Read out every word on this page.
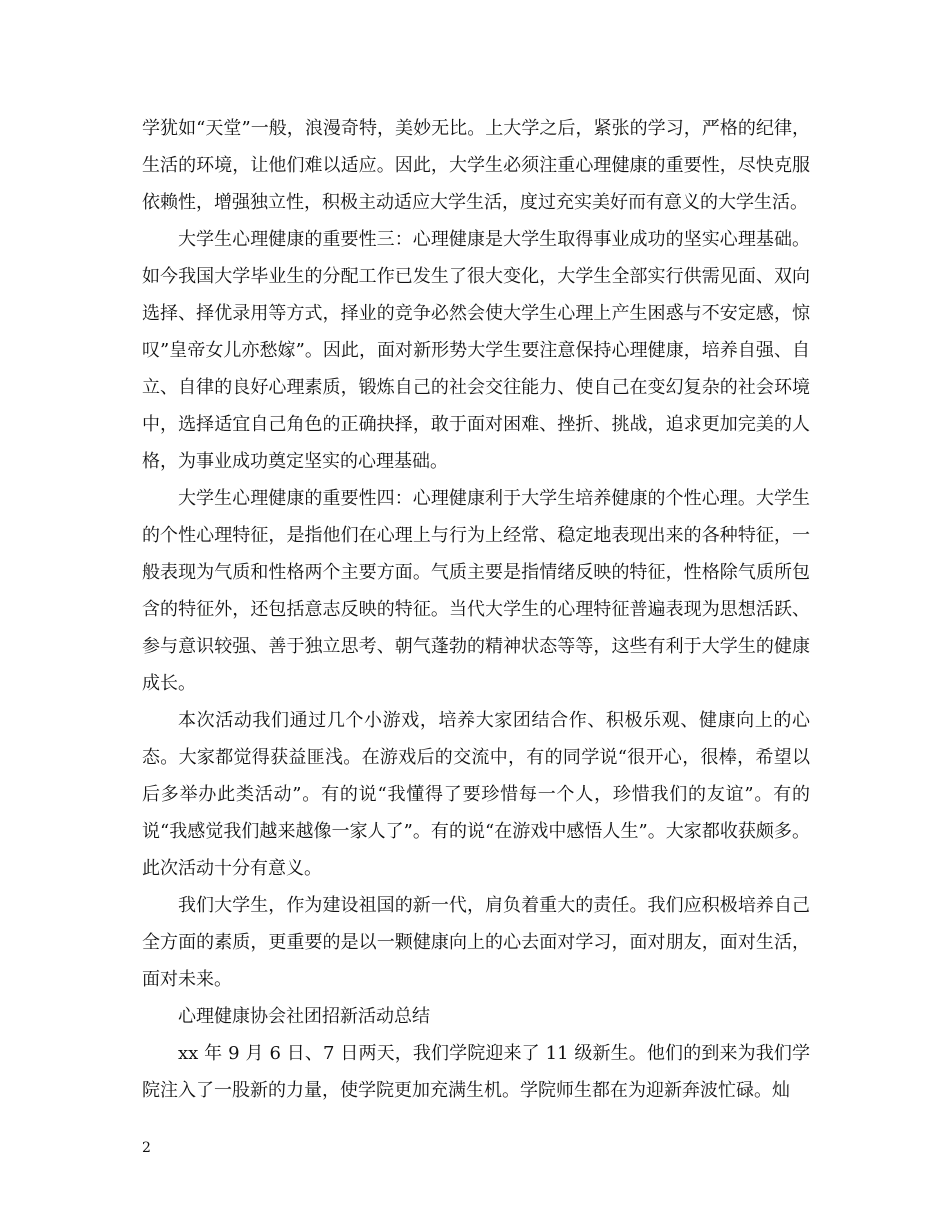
学犹如“天堂”一般，浪漫奇特，美妙无比。上大学之后，紧张的学习，严格的纪律，生活的环境，让他们难以适应。因此，大学生必须注重心理健康的重要性，尽快克服依赖性，增强独立性，积极主动适应大学生活，度过充实美好而有意义的大学生活。

大学生心理健康的重要性三：心理健康是大学生取得事业成功的坚实心理基础。如今我国大学毕业生的分配工作已发生了很大变化，大学生全部实行供需见面、双向选择、择优录用等方式，择业的竞争必然会使大学生心理上产生困惑与不安定感，惊叹”皇帝女儿亦愁嫁”。因此，面对新形势大学生要注意保持心理健康，培养自强、自立、自律的良好心理素质，锻炼自己的社会交往能力、使自己在变幻复杂的社会环境中，选择适宜自己角色的正确抉择，敢于面对困难、挫折、挑战，追求更加完美的人格，为事业成功奠定坚实的心理基础。

大学生心理健康的重要性四：心理健康利于大学生培养健康的个性心理。大学生的个性心理特征，是指他们在心理上与行为上经常、稳定地表现出来的各种特征，一般表现为气质和性格两个主要方面。气质主要是指情绪反映的特征，性格除气质所包含的特征外，还包括意志反映的特征。当代大学生的心理特征普遍表现为思想活跃、参与意识较强、善于独立思考、朝气蓬勃的精神状态等等，这些有利于大学生的健康成长。

本次活动我们通过几个小游戏，培养大家团结合作、积极乐观、健康向上的心态。大家都觉得获益匪浅。在游戏后的交流中，有的同学说“很开心，很棒，希望以后多举办此类活动”。有的说“我懂得了要珍惜每一个人，珍惜我们的友谊”。有的说“我感觉我们越来越像一家人了”。有的说“在游戏中感悟人生”。大家都收获颇多。此次活动十分有意义。

我们大学生，作为建设祖国的新一代，肩负着重大的责任。我们应积极培养自己全方面的素质，更重要的是以一颗健康向上的心去面对学习，面对朋友，面对生活，面对未来。

心理健康协会社团招新活动总结

xx 年 9 月 6 日、7 日两天，我们学院迎来了 11 级新生。他们的到来为我们学院注入了一股新的力量，使学院更加充满生机。学院师生都在为迎新奔波忙碌。灿

2
